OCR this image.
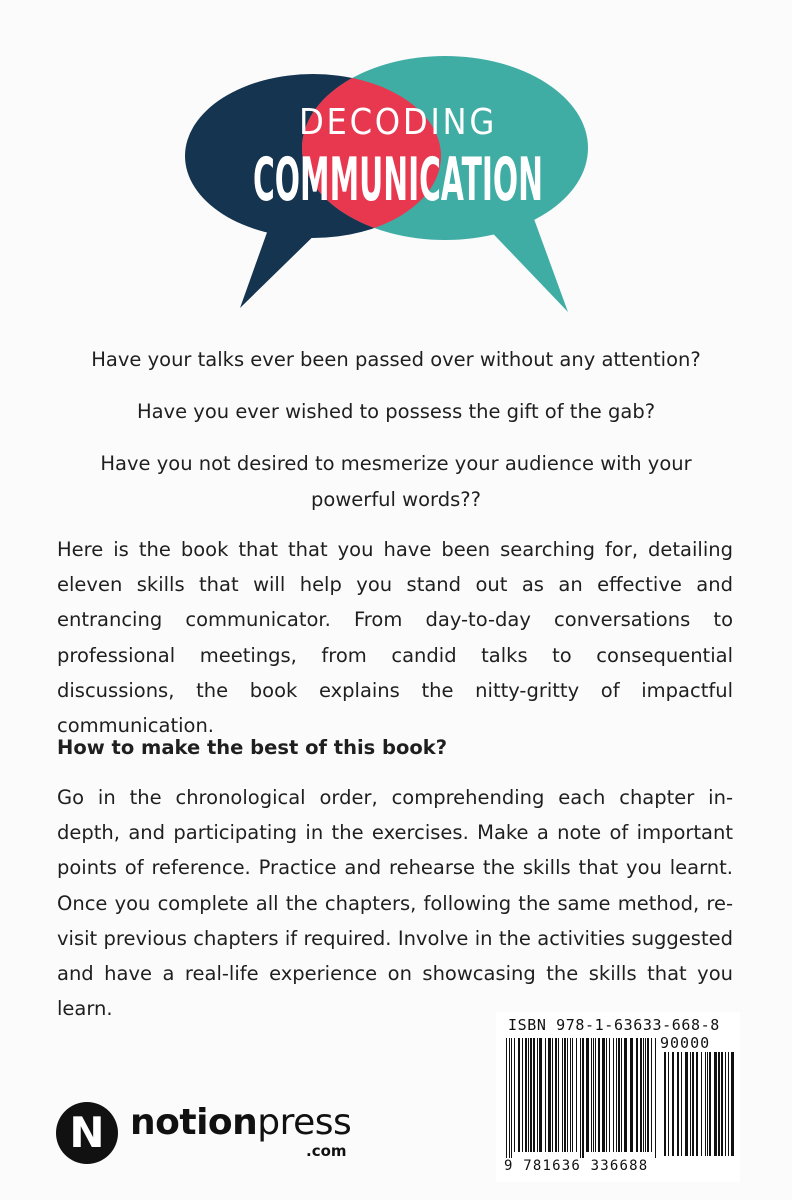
DECODING
COMMUNICATION
Have your talks ever been passed over without any attention?
Have you ever wished to possess the gift of the gab?
Have you not desired to mesmerize your audience with your powerful words??
Here is the book that that you have been searching for, detailing eleven skills that will help you stand out as an effective and entrancing communicator. From day-to-day conversations to professional meetings, from candid talks to consequential discussions, the book explains the nitty-gritty of impactful communication.
How to make the best of this book?
Go in the chronological order, comprehending each chapter in-depth, and participating in the exercises. Make a note of important points of reference. Practice and rehearse the skills that you learnt. Once you complete all the chapters, following the same method, re-visit previous chapters if required. Involve in the activities suggested and have a real-life experience on showcasing the skills that you learn.
N notionpress
.com
ISBN 978-1-63633-668-8
90000
9 781636 336688
